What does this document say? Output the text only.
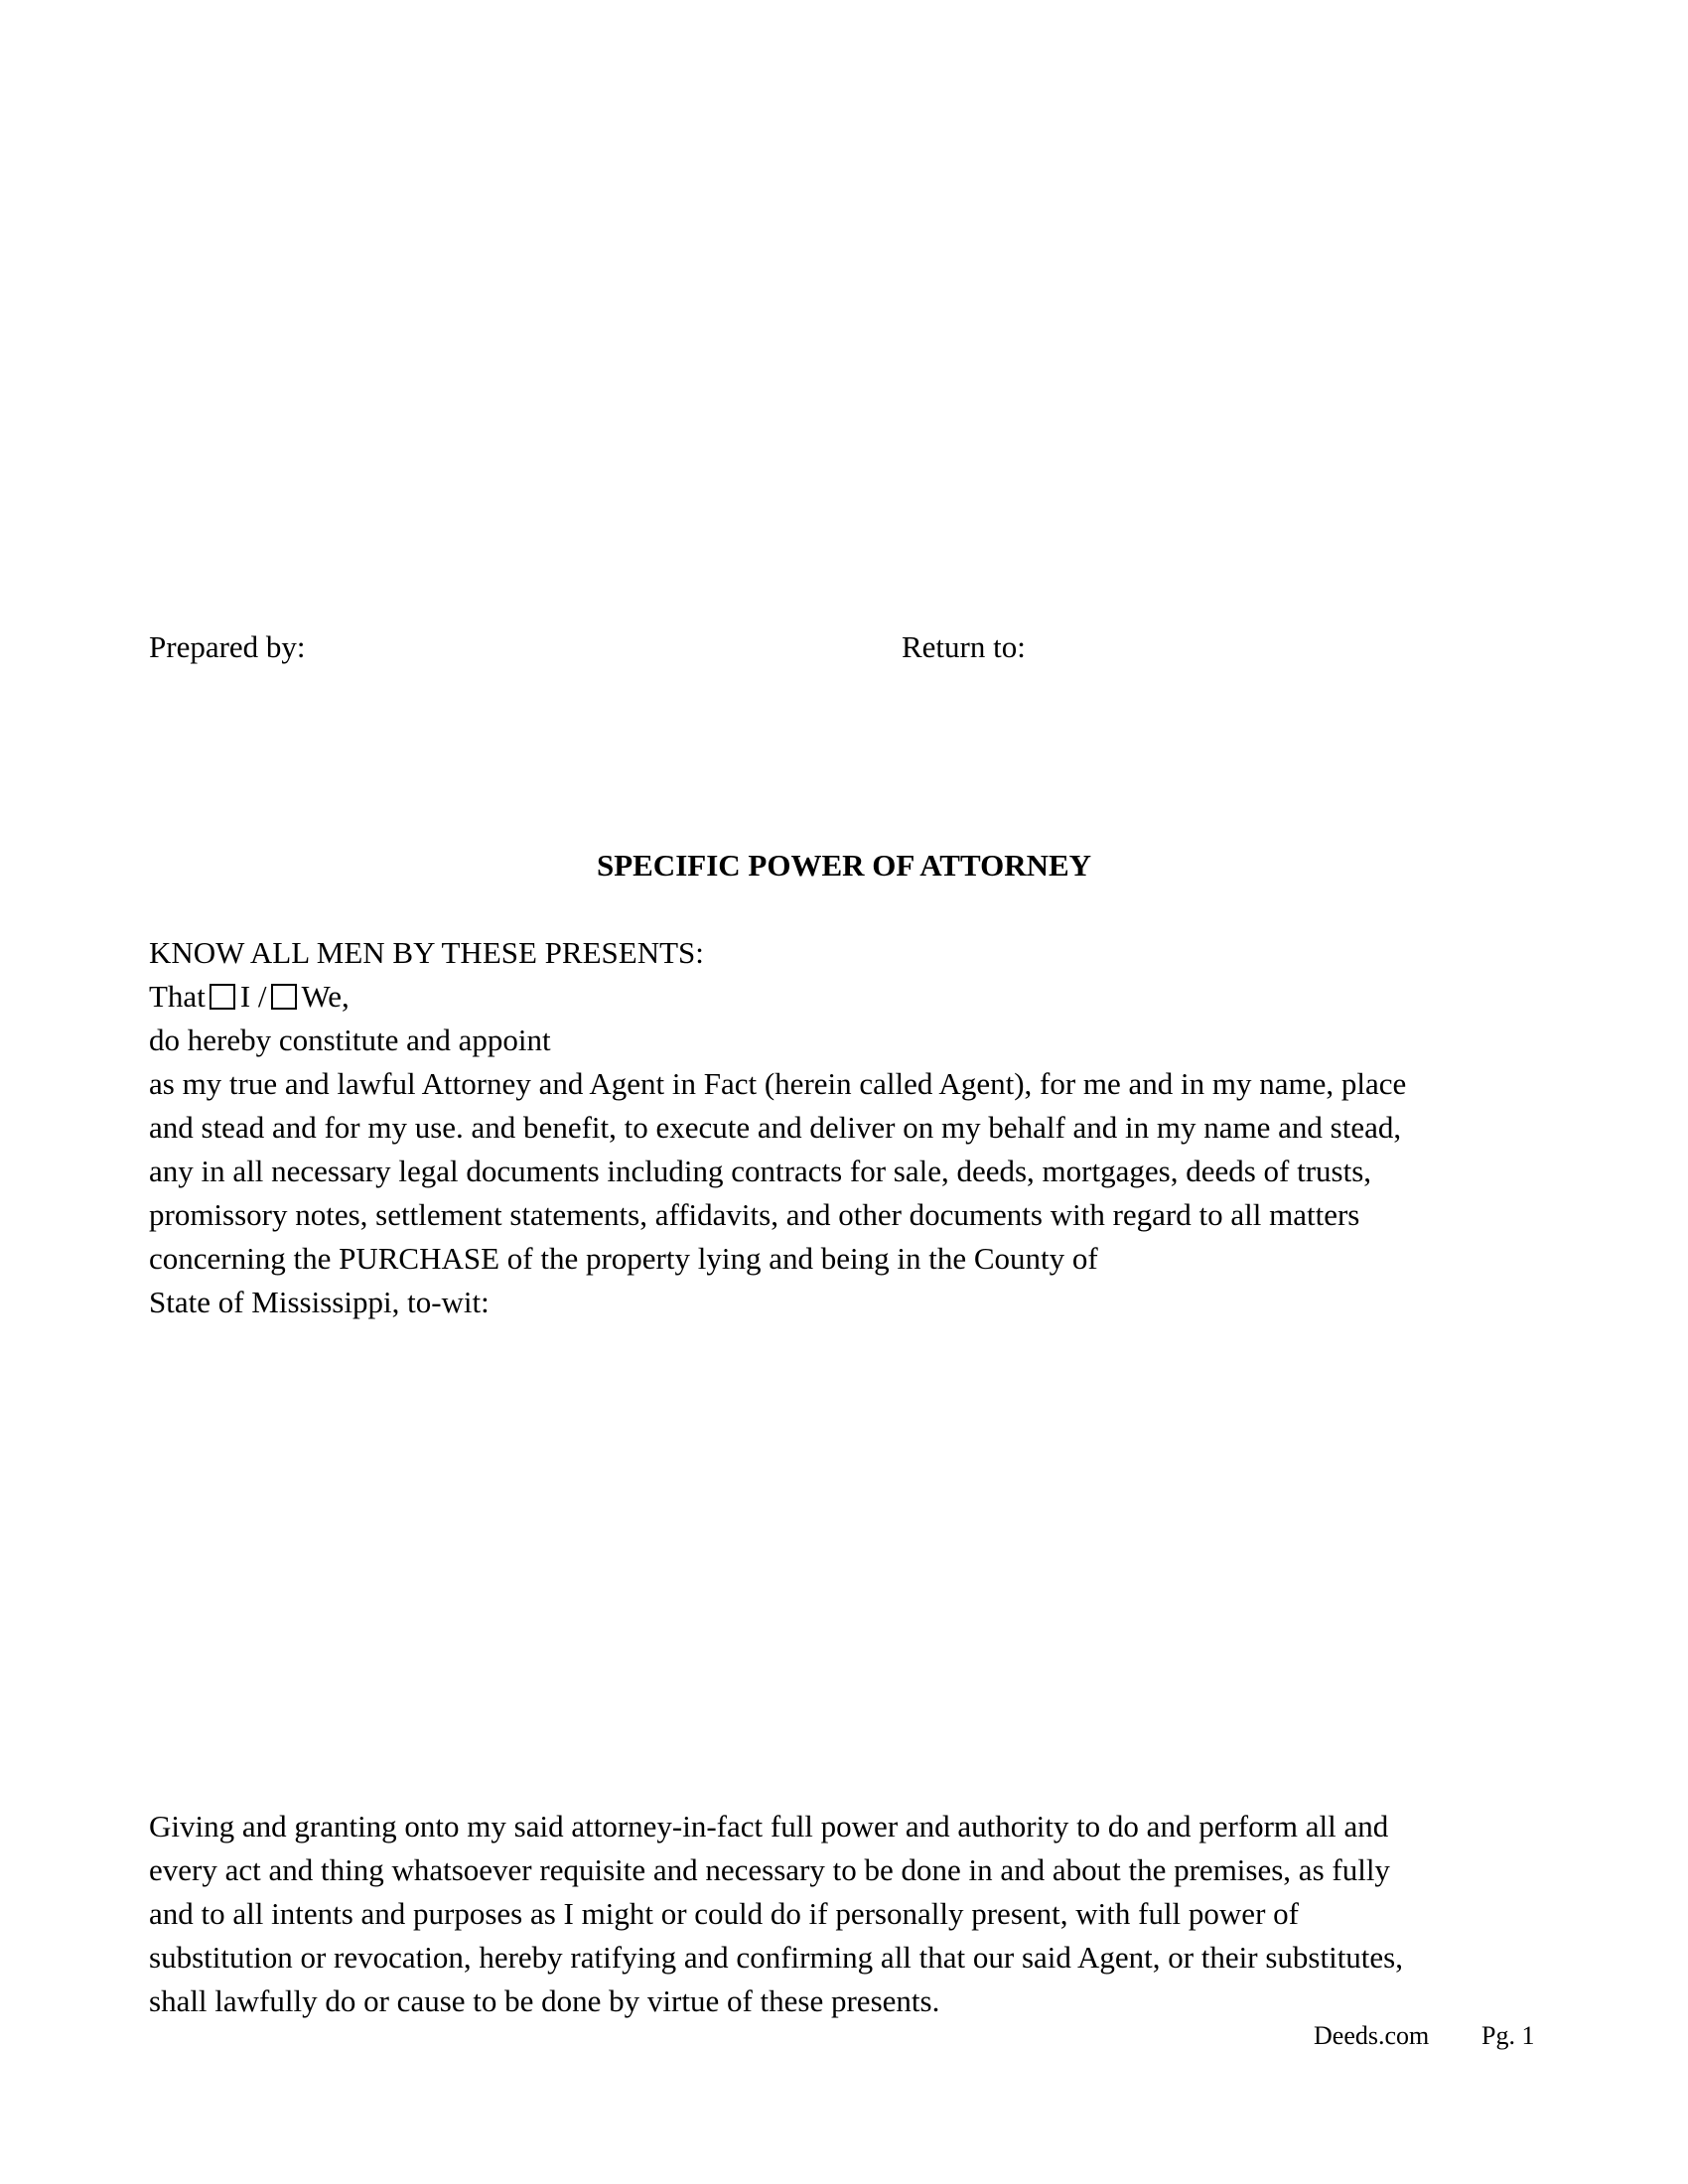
Prepared by:	Return to:
SPECIFIC POWER OF ATTORNEY
KNOW ALL MEN BY THESE PRESENTS:
That I / We,
do hereby constitute and appoint
as my true and lawful Attorney and Agent in Fact (herein called Agent), for me and in my name, place
and stead and for my use. and benefit, to execute and deliver on my behalf and in my name and stead,
any in all necessary legal documents including contracts for sale, deeds, mortgages, deeds of trusts,
promissory notes, settlement statements, affidavits, and other documents with regard to all matters
concerning the PURCHASE of the property lying and being in the County of
State of Mississippi, to-wit:
Giving and granting onto my said attorney-in-fact full power and authority to do and perform all and
every act and thing whatsoever requisite and necessary to be done in and about the premises, as fully
and to all intents and purposes as I might or could do if personally present, with full power of
substitution or revocation, hereby ratifying and confirming all that our said Agent, or their substitutes,
shall lawfully do or cause to be done by virtue of these presents.
Deeds.com Pg. 1
